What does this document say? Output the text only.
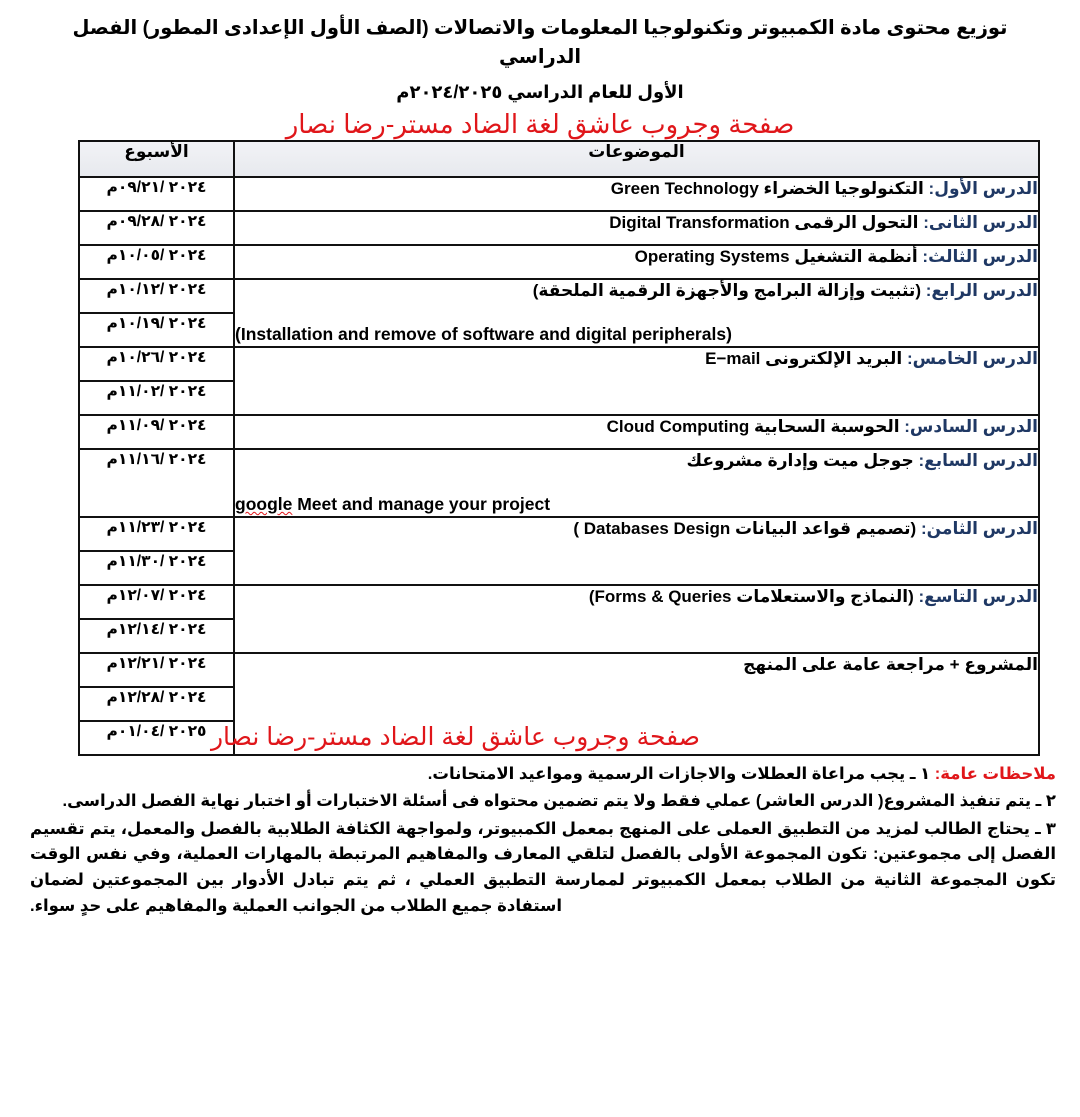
توزيع محتوى مادة الكمبيوتر وتكنولوجيا المعلومات والاتصالات (الصف الأول الإعدادى المطور) الفصل الدراسي
الأول للعام الدراسي ٢٠٢٤/٢٠٢٥م
صفحة وجروب عاشق لغة الضاد مستر-رضا نصار
الموضوعات	الأسبوع

الدرس الأول: التكنولوجيا الخضراء Green Technology	٢٠٢٤ /٠٩/٢١م

الدرس الثانى: التحول الرقمى Digital Transformation	٢٠٢٤ /٠٩/٢٨م

الدرس الثالث: أنظمة التشغيل Operating Systems	٢٠٢٤ /١٠/٠٥م

الدرس الرابع: (تثبيت وإزالة البرامج والأجهزة الرقمية الملحقة)
(Installation and remove of software and digital peripherals)	٢٠٢٤ /١٠/١٢م
	٢٠٢٤ /١٠/١٩م

الدرس الخامس: البريد الإلكترونى E−mail	٢٠٢٤ /١٠/٢٦م
	٢٠٢٤ /١١/٠٢م

الدرس السادس: الحوسبة السحابية Cloud Computing	٢٠٢٤ /١١/٠٩م

الدرس السابع: جوجل ميت وإدارة مشروعك
google Meet and manage your project	٢٠٢٤ /١١/١٦م

الدرس الثامن: (تصميم قواعد البيانات Databases Design )	٢٠٢٤ /١١/٢٣م
	٢٠٢٤ /١١/٣٠م

الدرس التاسع: (النماذج والاستعلامات Forms & Queries)	٢٠٢٤ /١٢/٠٧م
	٢٠٢٤ /١٢/١٤م

المشروع + مراجعة عامة على المنهج	٢٠٢٤ /١٢/٢١م
	٢٠٢٤ /١٢/٢٨م
	٢٠٢٥ /٠١/٠٤م صفحة وجروب عاشق لغة الضاد مستر-رضا نصار

ملاحظات عامة: ١ ـ يجب مراعاة العطلات والاجازات الرسمية ومواعيد الامتحانات.

٢ ـ يتم تنفيذ المشروع( الدرس العاشر) عملي فقط ولا يتم تضمين محتواه فى أسئلة الاختبارات أو اختبار نهاية الفصل الدراسى.

٣ ـ يحتاج الطالب لمزيد من التطبيق العملى على المنهج بمعمل الكمبيوتر، ولمواجهة الكثافة الطلابية بالفصل والمعمل، يتم تقسيم الفصل إلى مجموعتين: تكون المجموعة الأولى بالفصل لتلقي المعارف والمفاهيم المرتبطة بالمهارات العملية، وفي نفس الوقت تكون المجموعة الثانية من الطلاب بمعمل الكمبيوتر لممارسة التطبيق العملي ، ثم يتم تبادل الأدوار بين المجموعتين لضمان استفادة جميع الطلاب من الجوانب العملية والمفاهيم على حدٍ سواء.
